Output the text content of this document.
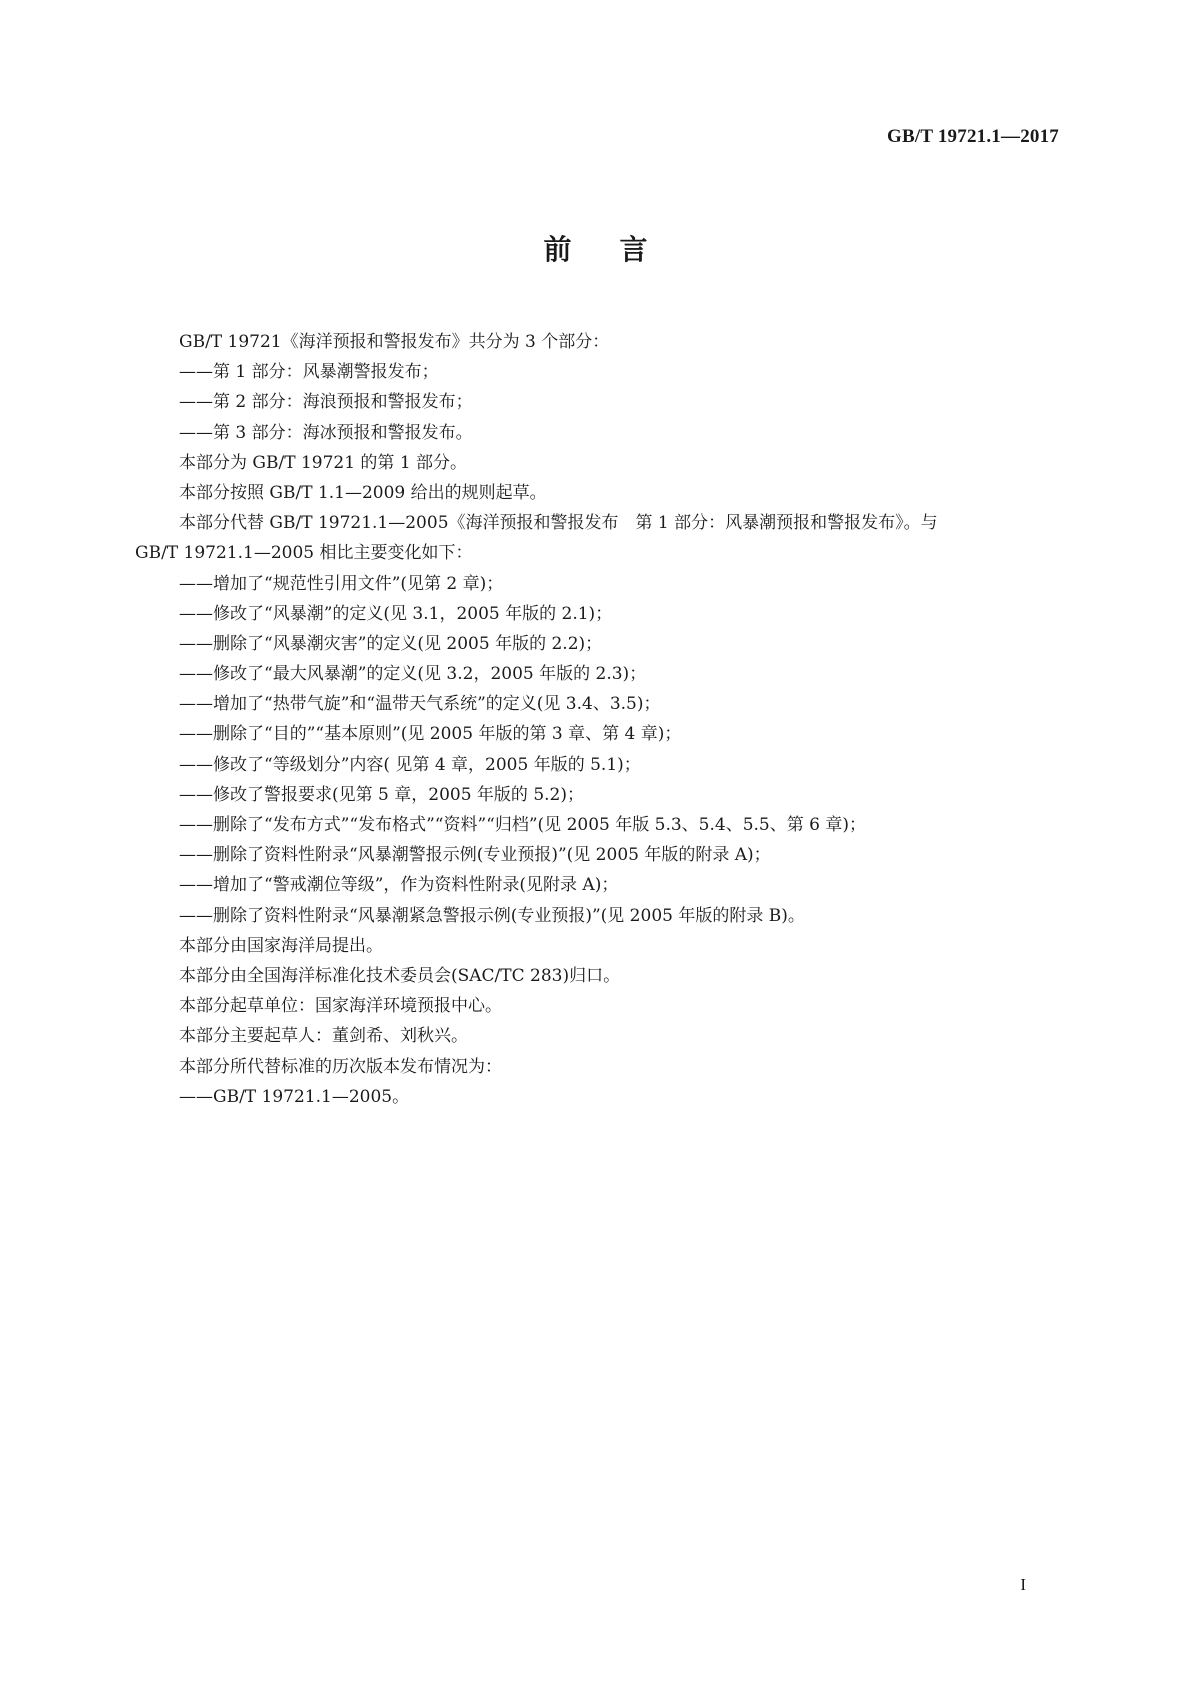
GB/T 19721.1—2017
前言
GB/T 19721《海洋预报和警报发布》共分为 3 个部分：
——第 1 部分：风暴潮警报发布；
——第 2 部分：海浪预报和警报发布；
——第 3 部分：海冰预报和警报发布。
本部分为 GB/T 19721 的第 1 部分。
本部分按照 GB/T 1.1—2009 给出的规则起草。
本部分代替 GB/T 19721.1—2005《海洋预报和警报发布　第 1 部分：风暴潮预报和警报发布》。与
GB/T 19721.1—2005 相比主要变化如下：
——增加了“规范性引用文件”(见第 2 章)；
——修改了“风暴潮”的定义(见 3.1，2005 年版的 2.1)；
——删除了“风暴潮灾害”的定义(见 2005 年版的 2.2)；
——修改了“最大风暴潮”的定义(见 3.2，2005 年版的 2.3)；
——增加了“热带气旋”和“温带天气系统”的定义(见 3.4、3.5)；
——删除了“目的”“基本原则”(见 2005 年版的第 3 章、第 4 章)；
——修改了“等级划分”内容( 见第 4 章，2005 年版的 5.1)；
——修改了警报要求(见第 5 章，2005 年版的 5.2)；
——删除了“发布方式”“发布格式”“资料”“归档”(见 2005 年版 5.3、5.4、5.5、第 6 章)；
——删除了资料性附录“风暴潮警报示例(专业预报)”(见 2005 年版的附录 A)；
——增加了“警戒潮位等级”，作为资料性附录(见附录 A)；
——删除了资料性附录“风暴潮紧急警报示例(专业预报)”(见 2005 年版的附录 B)。
本部分由国家海洋局提出。
本部分由全国海洋标准化技术委员会(SAC/TC 283)归口。
本部分起草单位：国家海洋环境预报中心。
本部分主要起草人：董剑希、刘秋兴。
本部分所代替标准的历次版本发布情况为：
——GB/T 19721.1—2005。
I
